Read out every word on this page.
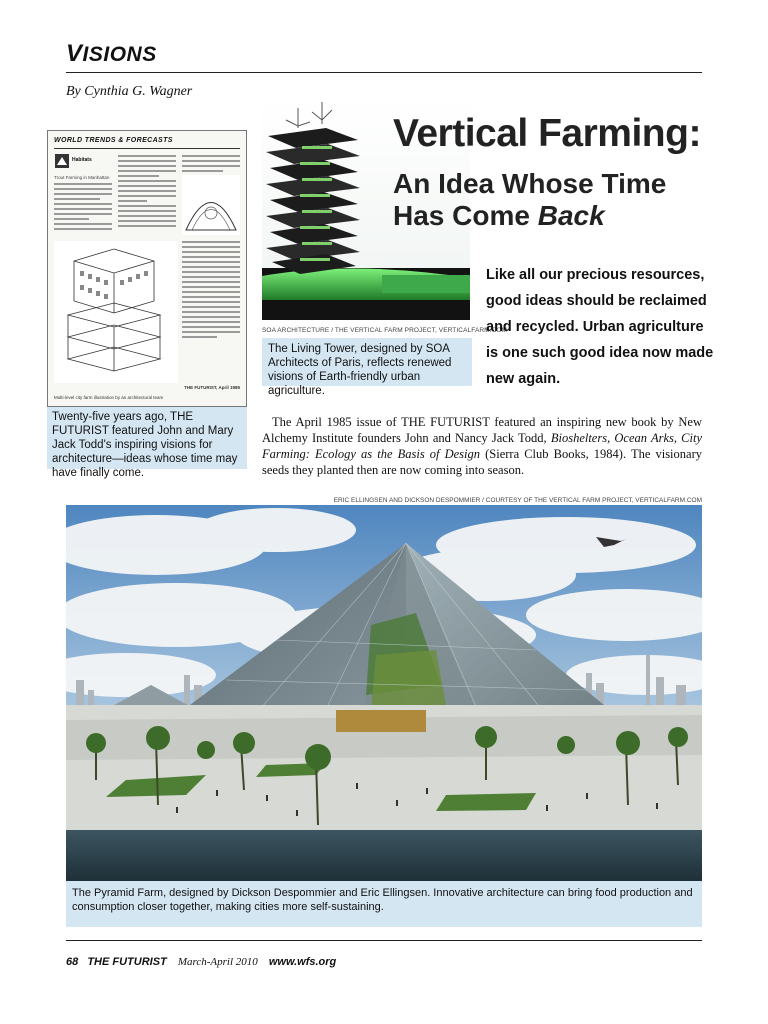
VISIONS
By Cynthia G. Wagner
WORLD TRENDS & FORECASTS
Habitats
Trout Farming in Manhattan
THE FUTURIST, April 1985
Multi-level city farm illustration by an architectural team
Twenty-five years ago, THE FUTURIST featured John and Mary Jack Todd's inspiring visions for architecture—ideas whose time may have finally come.
SOA ARCHITECTURE / THE VERTICAL FARM PROJECT, VERTICALFARM.COM
The Living Tower, designed by SOA Architects of Paris, reflects renewed visions of Earth-friendly urban agriculture.
Vertical Farming:
An Idea Whose Time
Has Come Back
Like all our precious resources, good ideas should be reclaimed and recycled. Urban agriculture is one such good idea now made new again.
The April 1985 issue of THE FUTURIST featured an inspiring new book by New Alchemy Institute founders John and Nancy Jack Todd, Bioshelters, Ocean Arks, City Farming: Ecology as the Basis of Design (Sierra Club Books, 1984). The visionary seeds they planted then are now coming into season.
ERIC ELLINGSEN AND DICKSON DESPOMMIER / COURTESY OF THE VERTICAL FARM PROJECT, VERTICALFARM.COM
The Pyramid Farm, designed by Dickson Despommier and Eric Ellingsen. Innovative architecture can bring food production and consumption closer together, making cities more self-sustaining.
68 THE FUTURIST March-April 2010 www.wfs.org
